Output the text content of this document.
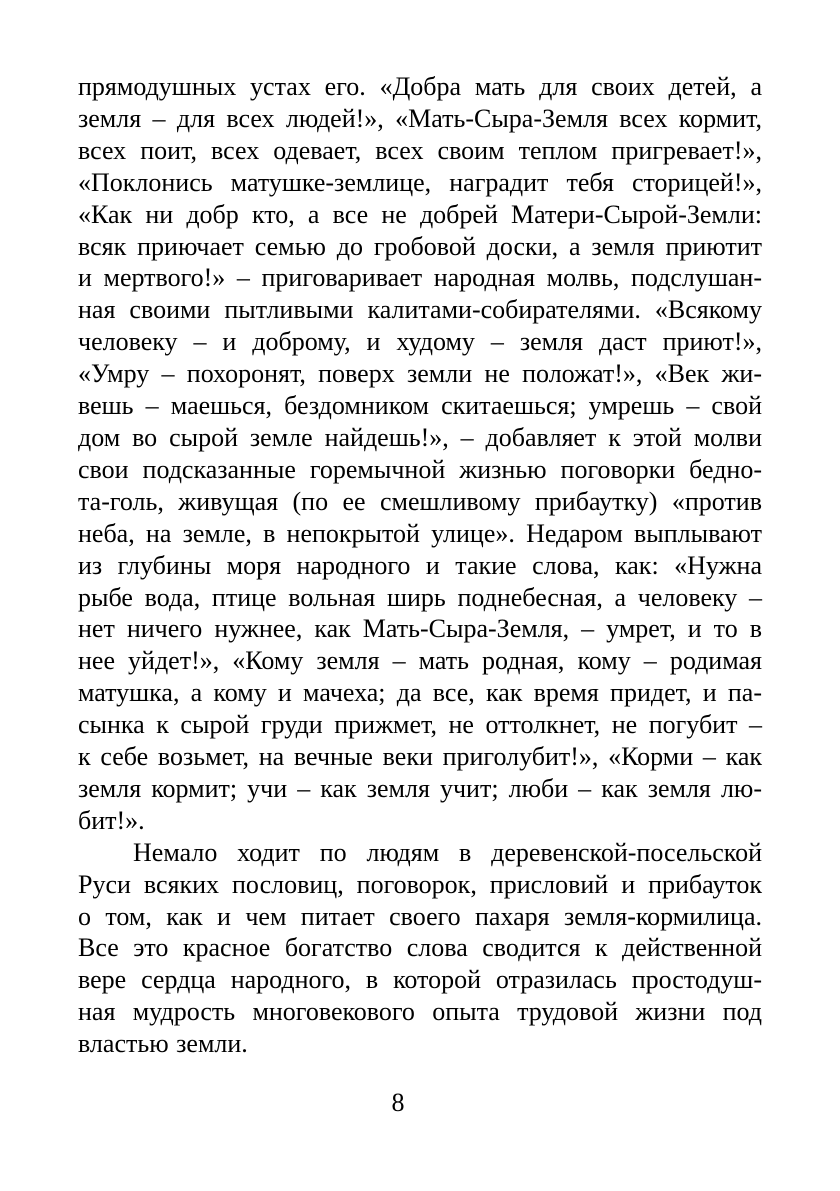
прямодушных устах его. «Добра мать для своих детей, а
земля – для всех людей!», «Мать-Сыра-Земля всех кормит,
всех поит, всех одевает, всех своим теплом пригревает!»,
«Поклонись матушке-землице, наградит тебя сторицей!»,
«Как ни добр кто, а все не добрей Матери-Сырой-Земли:
всяк приючает семью до гробовой доски, а земля приютит
и мертвого!» – приговаривает народная молвь, подслушан-
ная своими пытливыми калитами-собирателями. «Всякому
человеку – и доброму, и худому – земля даст приют!»,
«Умру – похоронят, поверх земли не положат!», «Век жи-
вешь – маешься, бездомником скитаешься; умрешь – свой
дом во сырой земле найдешь!», – добавляет к этой молви
свои подсказанные горемычной жизнью поговорки бедно-
та-голь, живущая (по ее смешливому прибаутку) «против
неба, на земле, в непокрытой улице». Недаром выплывают
из глубины моря народного и такие слова, как: «Нужна
рыбе вода, птице вольная ширь поднебесная, а человеку –
нет ничего нужнее, как Мать-Сыра-Земля, – умрет, и то в
нее уйдет!», «Кому земля – мать родная, кому – родимая
матушка, а кому и мачеха; да все, как время придет, и па-
сынка к сырой груди прижмет, не оттолкнет, не погубит –
к себе возьмет, на вечные веки приголубит!», «Корми – как
земля кормит; учи – как земля учит; люби – как земля лю-
бит!».
Немало ходит по людям в деревенской-посельской
Руси всяких пословиц, поговорок, присловий и прибауток
о том, как и чем питает своего пахаря земля-кормилица.
Все это красное богатство слова сводится к действенной
вере сердца народного, в которой отразилась простодуш-
ная мудрость многовекового опыта трудовой жизни под
властью земли.
8
